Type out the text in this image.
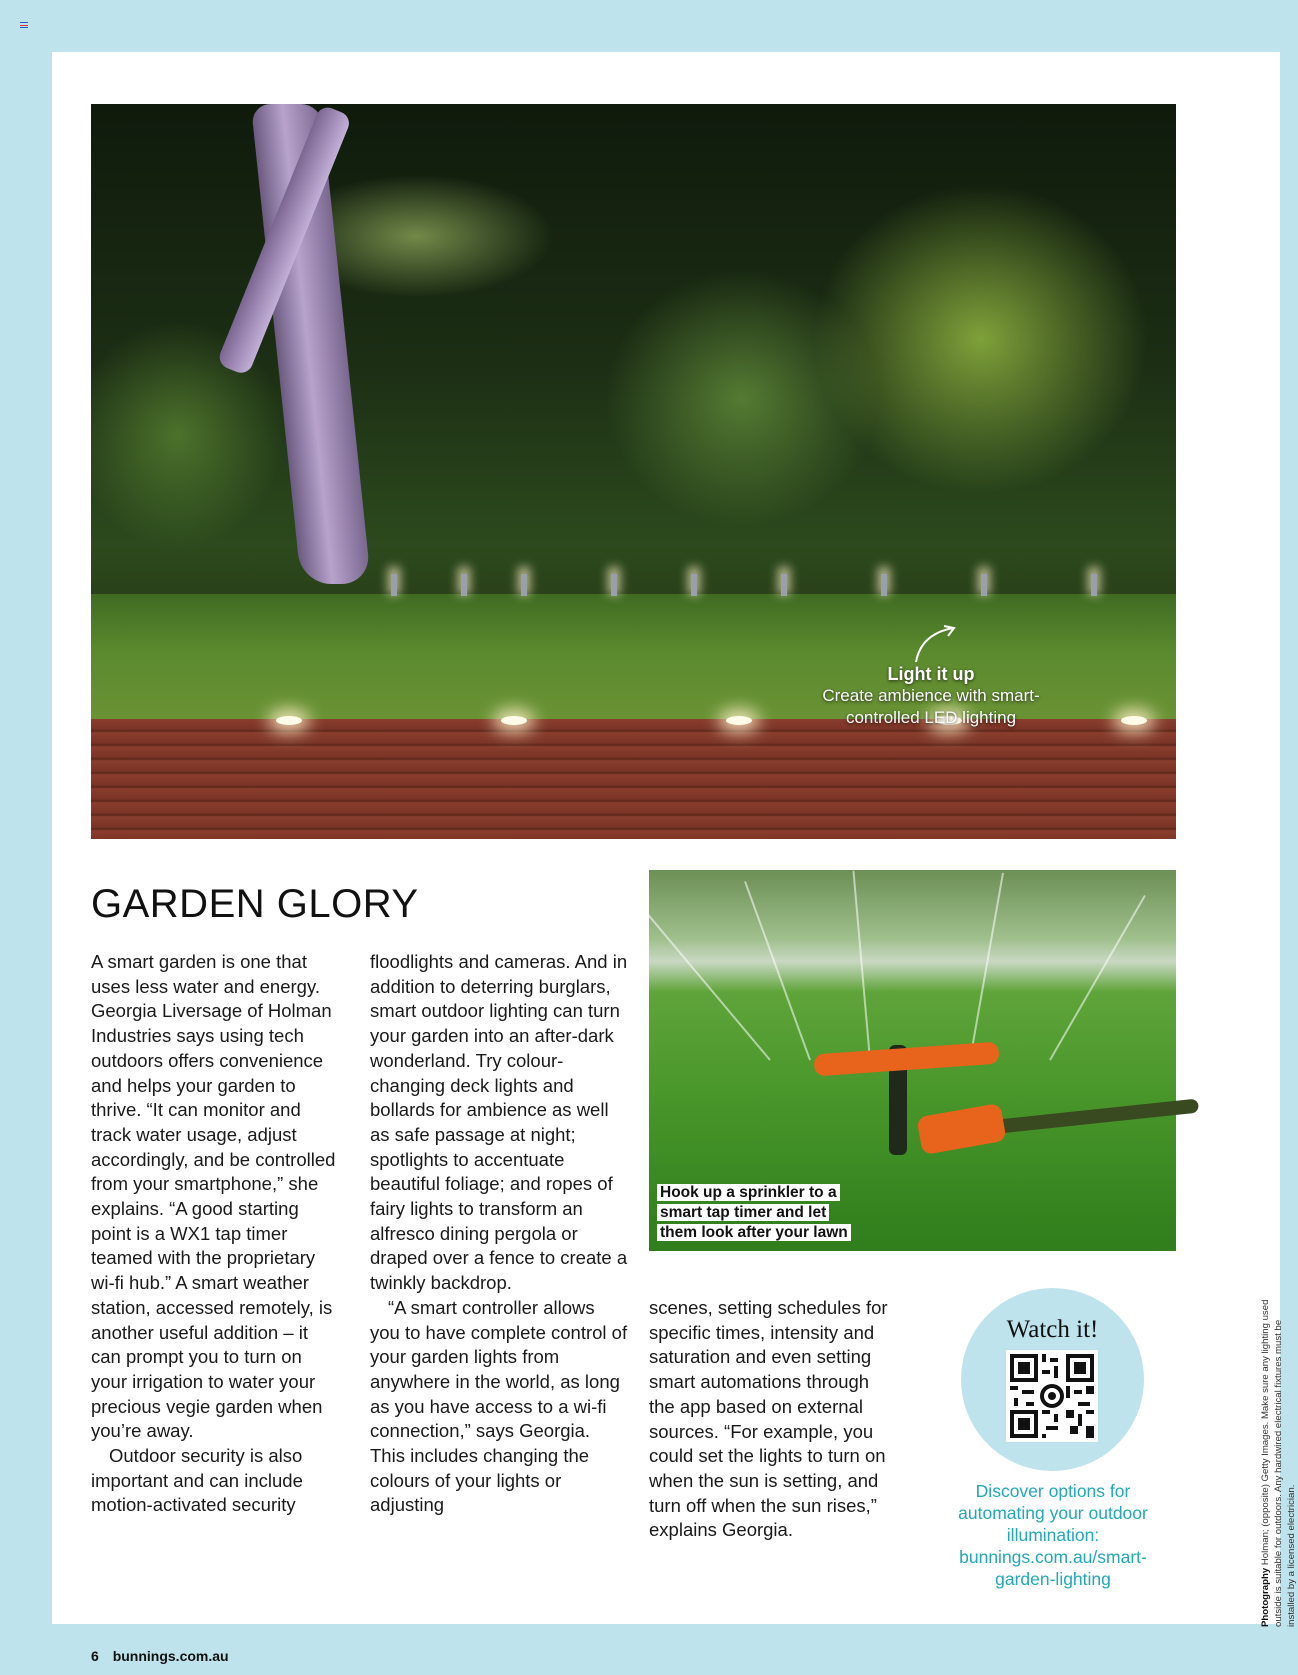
Light it up
Create ambience with smart-
controlled LED lighting
GARDEN GLORY

A smart garden is one that uses less water and energy. Georgia Liversage of Holman Industries says using tech outdoors offers convenience and helps your garden to thrive. “It can monitor and track water usage, adjust accordingly, and be controlled from your smartphone,” she explains. “A good starting point is a WX1 tap timer teamed with the proprietary wi-fi hub.” A smart weather station, accessed remotely, is another useful addition – it can prompt you to turn on your irrigation to water your precious vegie garden when you’re away.

Outdoor security is also important and can include motion-activated security

floodlights and cameras. And in addition to deterring burglars, smart outdoor lighting can turn your garden into an after-dark wonderland. Try colour-changing deck lights and bollards for ambience as well as safe passage at night; spotlights to accentuate beautiful foliage; and ropes of fairy lights to transform an alfresco dining pergola or draped over a fence to create a twinkly backdrop.

“A smart controller allows you to have complete control of your garden lights from anywhere in the world, as long as you have access to a wi-fi connection,” says Georgia. This includes changing the colours of your lights or adjusting

Hook up a sprinkler to a smart tap timer and let them look after your lawn

scenes, setting schedules for specific times, intensity and saturation and even setting smart automations through the app based on external sources. “For example, you could set the lights to turn on when the sun is setting, and turn off when the sun rises,” explains Georgia.

Watch it!
Discover options for automating your outdoor illumination: bunnings.com.au/smart-garden-lighting	Photography Holman; (opposite) Getty Images. Make sure any lighting used outside is suitable for outdoors. Any hardwired electrical fixtures must be installed by a licensed electrician.
6 bunnings.com.au
